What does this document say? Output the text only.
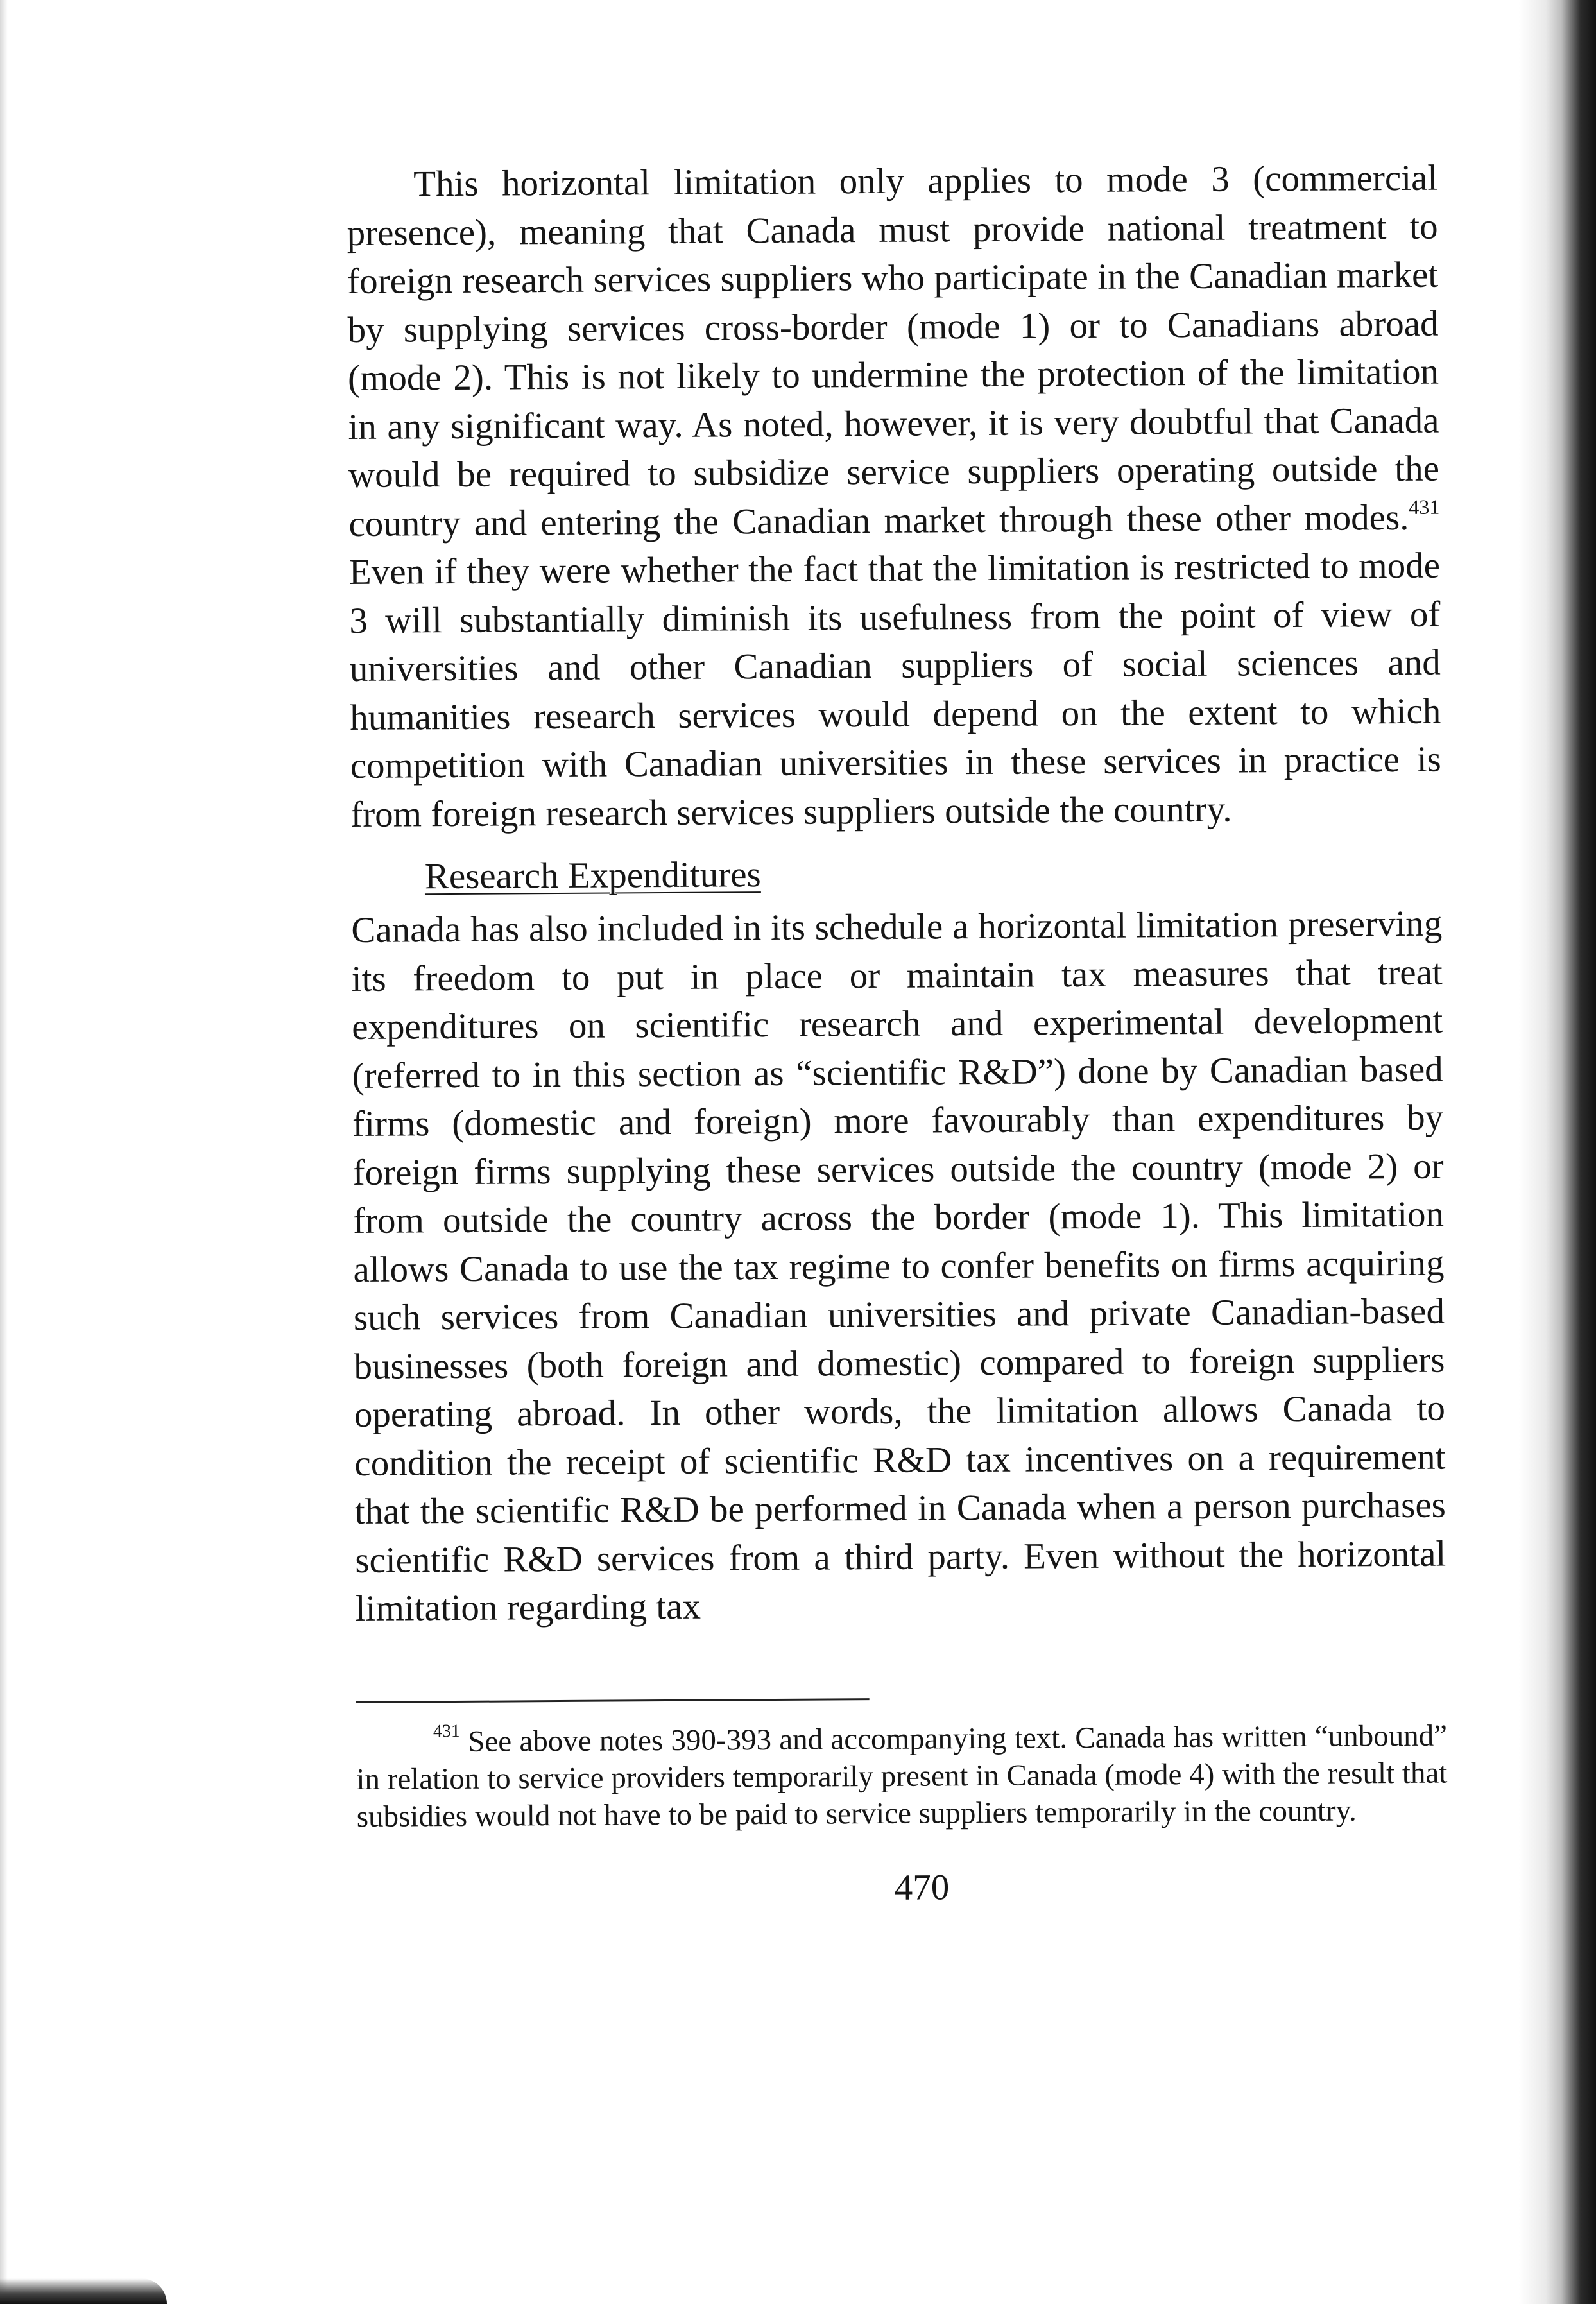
This horizontal limitation only applies to mode 3 (commercial presence), meaning that Canada must provide national treatment to foreign research services suppliers who participate in the Canadian market by supplying services cross-border (mode 1) or to Canadians abroad (mode 2). This is not likely to undermine the protection of the limitation in any significant way. As noted, however, it is very doubtful that Canada would be required to subsidize service suppliers operating outside the country and entering the Canadian market through these other modes.$^{431}$ Even if they were whether the fact that the limitation is restricted to mode 3 will substantially diminish its usefulness from the point of view of universities and other Canadian suppliers of social sciences and humanities research services would depend on the extent to which competition with Canadian universities in these services in practice is from foreign research services suppliers outside the country.

Research Expenditures

Canada has also included in its schedule a horizontal limitation preserving its freedom to put in place or maintain tax measures that treat expenditures on scientific research and experimental development (referred to in this section as “scientific R&D”) done by Canadian based firms (domestic and foreign) more favourably than expenditures by foreign firms supplying these services outside the country (mode 2) or from outside the country across the border (mode 1). This limitation allows Canada to use the tax regime to confer benefits on firms acquiring such services from Canadian universities and private Canadian-based businesses (both foreign and domestic) compared to foreign suppliers operating abroad. In other words, the limitation allows Canada to condition the receipt of scientific R&D tax incentives on a requirement that the scientific R&D be performed in Canada when a person purchases scientific R&D services from a third party. Even without the horizontal limitation regarding tax

$^{431}$ See above notes 390-393 and accompanying text. Canada has written “unbound” in relation to service providers temporarily present in Canada (mode 4) with the result that subsidies would not have to be paid to service suppliers temporarily in the country.

470
